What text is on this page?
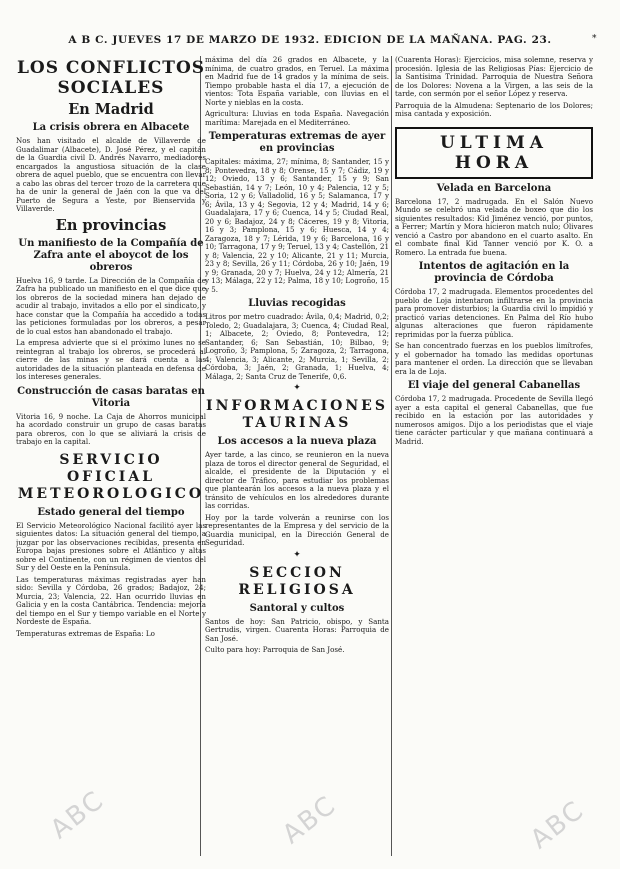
A B C. JUEVES 17 DE MARZO DE 1932. EDICION DE LA MAÑANA. PAG. 23.	*
LOS CONFLICTOS SOCIALES
En Madrid
La crisis obrera en Albacete

Nos han visitado el alcalde de Villaverde de Guadalimar (Albacete), D. José Pérez, y el capitán de la Guardia civil D. Andrés Navarro, mediadores encargados la angustiosa situación de la clase obrera de aquel pueblo, que se encuentra con llevar a cabo las obras del tercer trozo de la carretera que ha de unir la general de Jaén con la que va del Puerto de Segura a Yeste, por Bienservida y Villaverde.

En provincias
Un manifiesto de la Compañía de Zafra ante el aboycot de los obreros

Huelva 16, 9 tarde. La Dirección de la Compañía de Zafra ha publicado un manifiesto en el que dice que los obreros de la sociedad minera han dejado de acudir al trabajo, invitados a ello por el sindicato, y hace constar que la Compañía ha accedido a todas las peticiones formuladas por los obreros, a pesar de lo cual estos han abandonado el trabajo.

La empresa advierte que si el próximo lunes no se reintegran al trabajo los obreros, se procederá al cierre de las minas y se dará cuenta a las autoridades de la situación planteada en defensa de los intereses generales.

Construcción de casas baratas en Vitoria

Vitoria 16, 9 noche. La Caja de Ahorros municipal ha acordado construir un grupo de casas baratas para obreros, con lo que se aliviará la crisis de trabajo en la capital.

SERVICIO OFICIAL METEOROLOGICO
Estado general del tiempo

El Servicio Meteorológico Nacional facilitó ayer las siguientes datos: La situación general del tiempo, a juzgar por las observaciones recibidas, presenta en Europa bajas presiones sobre el Atlántico y altas sobre el Continente, con un régimen de vientos del Sur y del Oeste en la Península.

Las temperaturas máximas registradas ayer han sido: Sevilla y Córdoba, 26 grados; Badajoz, 24; Murcia, 23; Valencia, 22. Han ocurrido lluvias en Galicia y en la costa Cantábrica. Tendencia: mejoría del tiempo en el Sur y tiempo variable en el Norte y Nordeste de España.

Temperaturas extremas de España: Lo

máxima del día 26 grados en Albacete, y la mínima, de cuatro grados, en Teruel. La máxima en Madrid fue de 14 grados y la mínima de seis. Tiempo probable hasta el día 17, a ejecución de vientos: Tota España variable, con lluvias en el Norte y nieblas en la costa.

Agricultura: Lluvias en toda España. Navegación marítima: Marejada en el Mediterráneo.

Temperaturas extremas de ayer en provincias

Capitales: máxima, 27; mínima, 8; Santander, 15 y 8; Pontevedra, 18 y 8; Orense, 15 y 7; Cádiz, 19 y 12; Oviedo, 13 y 6; Santander, 15 y 9; San Sebastián, 14 y 7; León, 10 y 4; Palencia, 12 y 5; Soria, 12 y 6; Valladolid, 16 y 5; Salamanca, 17 y 6; Ávila, 13 y 4; Segovia, 12 y 4; Madrid, 14 y 6; Guadalajara, 17 y 6; Cuenca, 14 y 5; Ciudad Real, 20 y 6; Badajoz, 24 y 8; Cáceres, 19 y 8; Vitoria, 16 y 3; Pamplona, 15 y 6; Huesca, 14 y 4; Zaragoza, 18 y 7; Lérida, 19 y 6; Barcelona, 16 y 10; Tarragona, 17 y 9; Teruel, 13 y 4; Castellón, 21 y 8; Valencia, 22 y 10; Alicante, 21 y 11; Murcia, 23 y 8; Sevilla, 26 y 11; Córdoba, 26 y 10; Jaén, 19 y 9; Granada, 20 y 7; Huelva, 24 y 12; Almería, 21 y 13; Málaga, 22 y 12; Palma, 18 y 10; Logroño, 15 y 5.

Lluvias recogidas

Litros por metro cuadrado: Ávila, 0,4; Madrid, 0,2; Toledo, 2; Guadalajara, 3; Cuenca, 4; Ciudad Real, 1; Albacete, 2; Oviedo, 8; Pontevedra, 12; Santander, 6; San Sebastián, 10; Bilbao, 9; Logroño, 3; Pamplona, 5; Zaragoza, 2; Tarragona, 4; Valencia, 3; Alicante, 2; Murcia, 1; Sevilla, 2; Córdoba, 3; Jaén, 2; Granada, 1; Huelva, 4; Málaga, 2; Santa Cruz de Tenerife, 0,6.

✦
INFORMACIONES TAURINAS
Los accesos a la nueva plaza

Ayer tarde, a las cinco, se reunieron en la nueva plaza de toros el director general de Seguridad, el alcalde, el presidente de la Diputación y el director de Tráfico, para estudiar los problemas que plantearán los accesos a la nueva plaza y el tránsito de vehículos en los alrededores durante las corridas.

Hoy por la tarde volverán a reunirse con los representantes de la Empresa y del servicio de la Guardia municipal, en la Dirección General de Seguridad.

✦
SECCION RELIGIOSA
Santoral y cultos

Santos de hoy: San Patricio, obispo, y Santa Gertrudis, virgen. Cuarenta Horas: Parroquia de San José.

Culto para hoy: Parroquia de San José.

(Cuarenta Horas): Ejercicios, misa solemne, reserva y procesión. Iglesia de las Religiosas Pías: Ejercicio de la Santísima Trinidad. Parroquia de Nuestra Señora de los Dolores: Novena a la Virgen, a las seis de la tarde, con sermón por el señor López y reserva.

Parroquia de la Almudena: Septenario de los Dolores; misa cantada y exposición.

ULTIMA HORA
Velada en Barcelona

Barcelona 17, 2 madrugada. En el Salón Nuevo Mundo se celebró una velada de boxeo que dio los siguientes resultados: Kid Jiménez venció, por puntos, a Ferrer; Martín y Mora hicieron match nulo; Olivares venció a Castro por abandono en el cuarto asalto. En el combate final Kid Tanner venció por K. O. a Romero. La entrada fue buena.

Intentos de agitación en la provincia de Córdoba

Córdoba 17, 2 madrugada. Elementos procedentes del pueblo de Loja intentaron infiltrarse en la provincia para promover disturbios; la Guardia civil lo impidió y practicó varias detenciones. En Palma del Río hubo algunas alteraciones que fueron rápidamente reprimidas por la fuerza pública.

Se han concentrado fuerzas en los pueblos limítrofes, y el gobernador ha tomado las medidas oportunas para mantener el orden. La dirección que se llevaban era la de Loja.

El viaje del general Cabanellas

Córdoba 17, 2 madrugada. Procedente de Sevilla llegó ayer a esta capital el general Cabanellas, que fue recibido en la estación por las autoridades y numerosos amigos. Dijo a los periodistas que el viaje tiene carácter particular y que mañana continuará a Madrid.

ABC	ABC	ABC
